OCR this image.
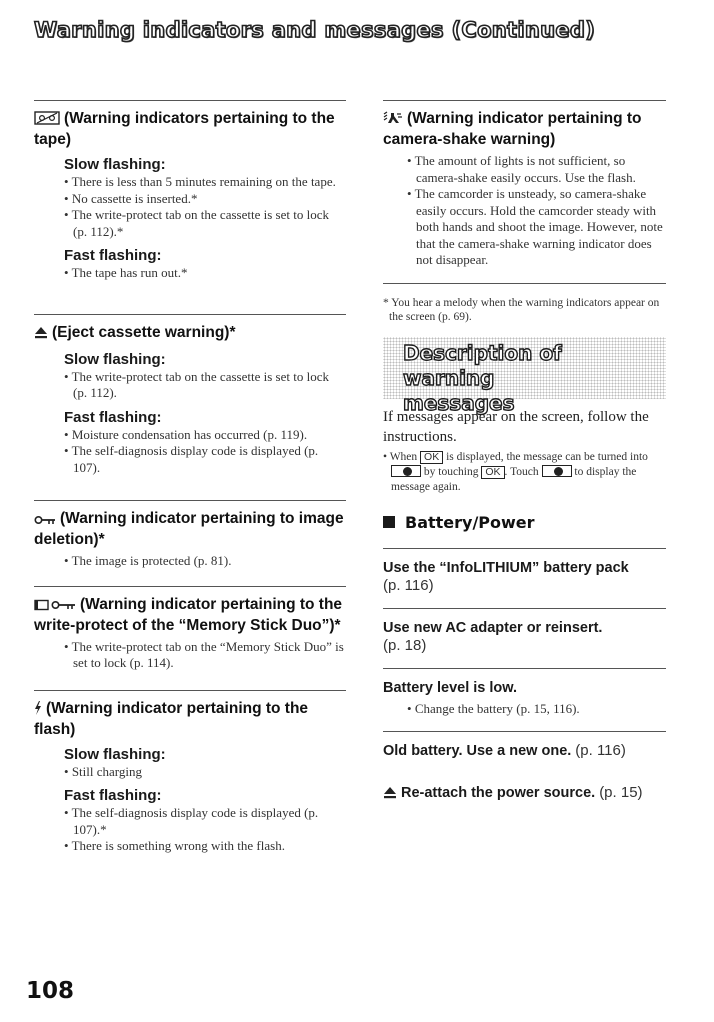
Warning indicators and messages (Continued)
(Warning indicators pertaining to the tape)
Slow flashing:
• There is less than 5 minutes remaining on the tape.
• No cassette is inserted.*
• The write-protect tab on the cassette is set to lock (p. 112).*
Fast flashing:
• The tape has run out.*
(Eject cassette warning)*
Slow flashing:
• The write-protect tab on the cassette is set to lock (p. 112).
Fast flashing:
• Moisture condensation has occurred (p. 119).
• The self-diagnosis display code is displayed (p. 107).
(Warning indicator pertaining to image deletion)*
• The image is protected (p. 81).
(Warning indicator pertaining to the write-protect of the “Memory Stick Duo”)*
• The write-protect tab on the “Memory Stick Duo” is set to lock (p. 114).
(Warning indicator pertaining to the flash)
Slow flashing:
• Still charging
Fast flashing:
• The self-diagnosis display code is displayed (p. 107).*
• There is something wrong with the flash.
(Warning indicator pertaining to camera-shake warning)
• The amount of lights is not sufficient, so camera-shake easily occurs. Use the flash.
• The camcorder is unsteady, so camera-shake easily occurs. Hold the camcorder steady with both hands and shoot the image. However, note that the camera-shake warning indicator does not disappear.
* You hear a melody when the warning indicators appear on the screen (p. 69).
Description of warning messages
If messages appear on the screen, follow the instructions.
• When OK is displayed, the message can be turned into
by touching OK . Touch	to display the message again.
Battery/Power
Use the “InfoLITHIUM” battery pack
(p. 116)
Use new AC adapter or reinsert.
(p. 18)
Battery level is low.
• Change the battery (p. 15, 116).
Old battery. Use a new one. (p. 116)
Re-attach the power source. (p. 15)
108
